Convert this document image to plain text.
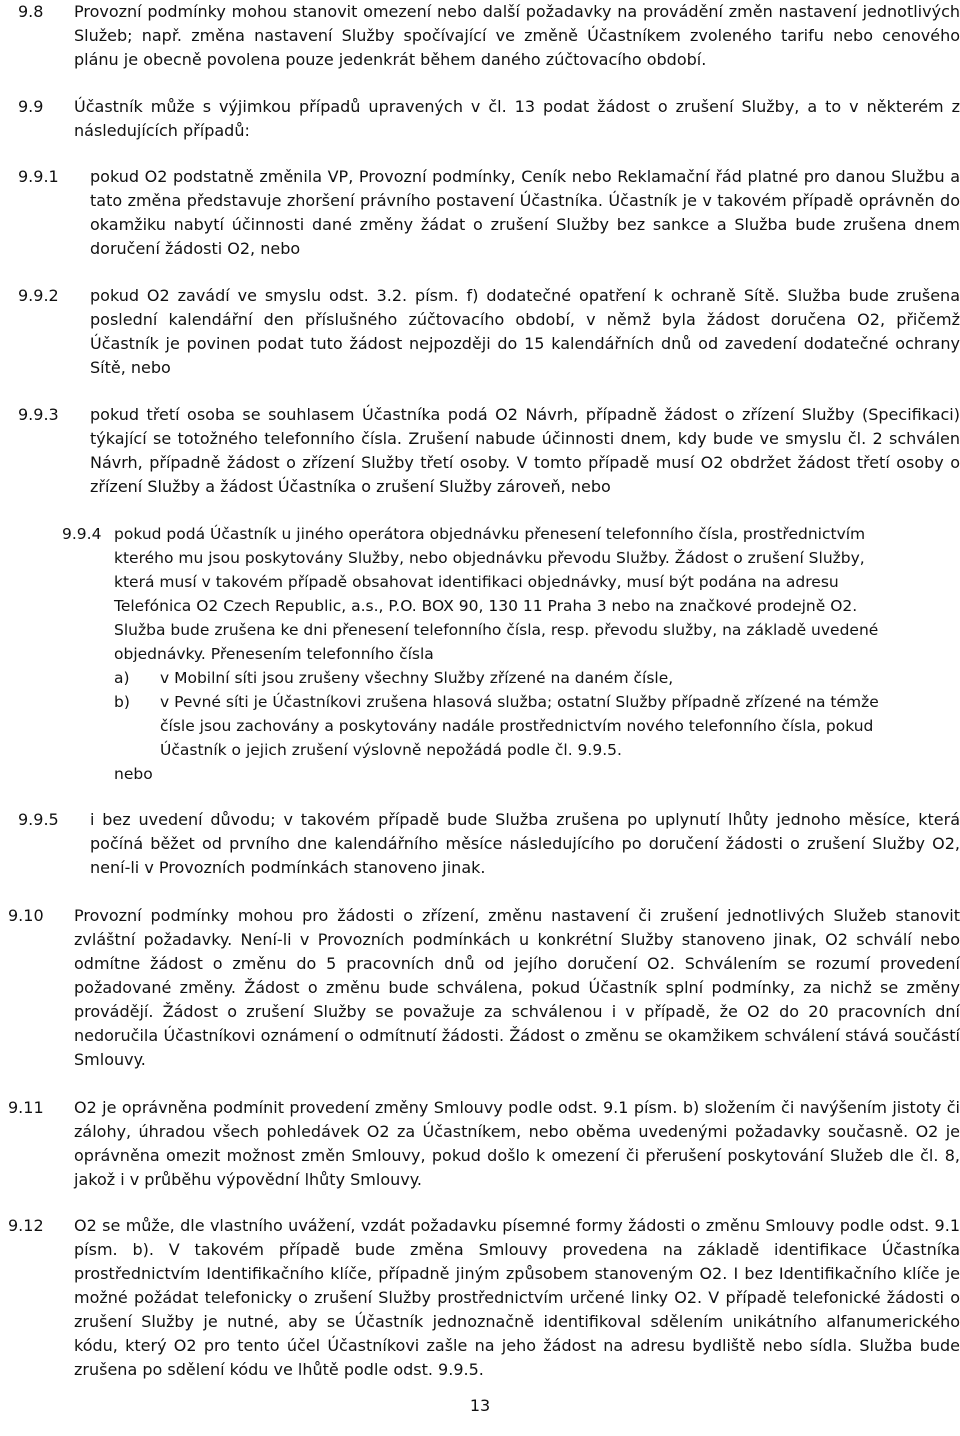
9.8 Provozní podmínky mohou stanovit omezení nebo další požadavky na provádění změn nastavení jednotlivých Služeb; např. změna nastavení Služby spočívající ve změně Účastníkem zvoleného tarifu nebo cenového plánu je obecně povolena pouze jedenkrát během daného zúčtovacího období.
9.9 Účastník může s výjimkou případů upravených v čl. 13 podat žádost o zrušení Služby, a to v některém z následujících případů:
9.9.1 pokud O2 podstatně změnila VP, Provozní podmínky, Ceník nebo Reklamační řád platné pro danou Službu a tato změna představuje zhoršení právního postavení Účastníka. Účastník je v takovém případě oprávněn do okamžiku nabytí účinnosti dané změny žádat o zrušení Služby bez sankce a Služba bude zrušena dnem doručení žádosti O2, nebo
9.9.2 pokud O2 zavádí ve smyslu odst. 3.2. písm. f) dodatečné opatření k ochraně Sítě. Služba bude zrušena poslední kalendářní den příslušného zúčtovacího období, v němž byla žádost doručena O2, přičemž Účastník je povinen podat tuto žádost nejpozději do 15 kalendářních dnů od zavedení dodatečné ochrany Sítě, nebo
9.9.3 pokud třetí osoba se souhlasem Účastníka podá O2 Návrh, případně žádost o zřízení Služby (Specifikaci) týkající se totožného telefonního čísla. Zrušení nabude účinnosti dnem, kdy bude ve smyslu čl. 2 schválen Návrh, případně žádost o zřízení Služby třetí osoby. V tomto případě musí O2 obdržet žádost třetí osoby o zřízení Služby a žádost Účastníka o zrušení Služby zároveň, nebo
9.9.4 pokud podá Účastník u jiného operátora objednávku přenesení telefonního čísla, prostřednictvím
kterého mu jsou poskytovány Služby, nebo objednávku převodu Služby. Žádost o zrušení Služby,
která musí v takovém případě obsahovat identifikaci objednávky, musí být podána na adresu
Telefónica O2 Czech Republic, a.s., P.O. BOX 90, 130 11 Praha 3 nebo na značkové prodejně O2.
Služba bude zrušena ke dni přenesení telefonního čísla, resp. převodu služby, na základě uvedené
objednávky. Přenesením telefonního čísla
a) v Mobilní síti jsou zrušeny všechny Služby zřízené na daném čísle,
b) v Pevné síti je Účastníkovi zrušena hlasová služba; ostatní Služby případně zřízené na témže
čísle jsou zachovány a poskytovány nadále prostřednictvím nového telefonního čísla, pokud
Účastník o jejich zrušení výslovně nepožádá podle čl. 9.9.5.
nebo
9.9.5 i bez uvedení důvodu; v takovém případě bude Služba zrušena po uplynutí lhůty jednoho měsíce, která počíná běžet od prvního dne kalendářního měsíce následujícího po doručení žádosti o zrušení Služby O2, není-li v Provozních podmínkách stanoveno jinak.
9.10 Provozní podmínky mohou pro žádosti o zřízení, změnu nastavení či zrušení jednotlivých Služeb stanovit zvláštní požadavky. Není-li v Provozních podmínkách u konkrétní Služby stanoveno jinak, O2 schválí nebo odmítne žádost o změnu do 5 pracovních dnů od jejího doručení O2. Schválením se rozumí provedení požadované změny. Žádost o změnu bude schválena, pokud Účastník splní podmínky, za nichž se změny provádějí. Žádost o zrušení Služby se považuje za schválenou i v případě, že O2 do 20 pracovních dní nedoručila Účastníkovi oznámení o odmítnutí žádosti. Žádost o změnu se okamžikem schválení stává součástí Smlouvy.
9.11 O2 je oprávněna podmínit provedení změny Smlouvy podle odst. 9.1 písm. b) složením či navýšením jistoty či zálohy, úhradou všech pohledávek O2 za Účastníkem, nebo oběma uvedenými požadavky současně. O2 je oprávněna omezit možnost změn Smlouvy, pokud došlo k omezení či přerušení poskytování Služeb dle čl. 8, jakož i v průběhu výpovědní lhůty Smlouvy.
9.12 O2 se může, dle vlastního uvážení, vzdát požadavku písemné formy žádosti o změnu Smlouvy podle odst. 9.1 písm. b). V takovém případě bude změna Smlouvy provedena na základě identifikace Účastníka prostřednictvím Identifikačního klíče, případně jiným způsobem stanoveným O2. I bez Identifikačního klíče je možné požádat telefonicky o zrušení Služby prostřednictvím určené linky O2. V případě telefonické žádosti o zrušení Služby je nutné, aby se Účastník jednoznačně identifikoval sdělením unikátního alfanumerického kódu, který O2 pro tento účel Účastníkovi zašle na jeho žádost na adresu bydliště nebo sídla. Služba bude zrušena po sdělení kódu ve lhůtě podle odst. 9.9.5.
13
